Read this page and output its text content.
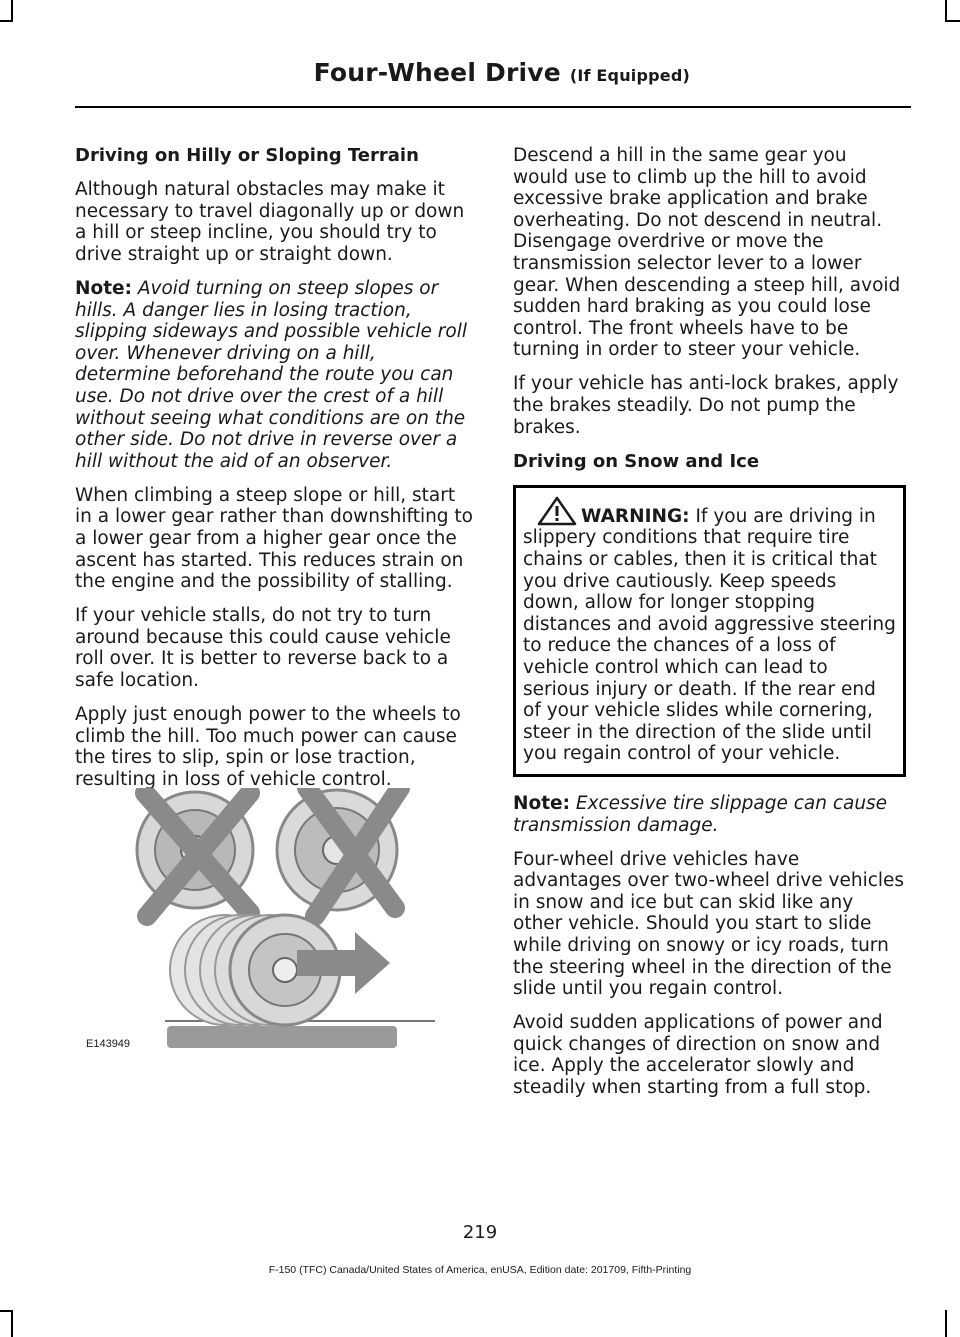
Four-Wheel Drive (If Equipped)

Driving on Hilly or Sloping Terrain

Although natural obstacles may make it necessary to travel diagonally up or down a hill or steep incline, you should try to drive straight up or straight down.

Note: Avoid turning on steep slopes or hills. A danger lies in losing traction, slipping sideways and possible vehicle roll over. Whenever driving on a hill, determine beforehand the route you can use. Do not drive over the crest of a hill without seeing what conditions are on the other side. Do not drive in reverse over a hill without the aid of an observer.

When climbing a steep slope or hill, start in a lower gear rather than downshifting to a lower gear from a higher gear once the ascent has started. This reduces strain on the engine and the possibility of stalling.

If your vehicle stalls, do not try to turn around because this could cause vehicle roll over. It is better to reverse back to a safe location.

Apply just enough power to the wheels to climb the hill. Too much power can cause the tires to slip, spin or lose traction, resulting in loss of vehicle control.

E143949

Descend a hill in the same gear you would use to climb up the hill to avoid excessive brake application and brake overheating. Do not descend in neutral. Disengage overdrive or move the transmission selector lever to a lower gear. When descending a steep hill, avoid sudden hard braking as you could lose control. The front wheels have to be turning in order to steer your vehicle.

If your vehicle has anti-lock brakes, apply the brakes steadily. Do not pump the brakes.

Driving on Snow and Ice

WARNING: If you are driving in slippery conditions that require tire chains or cables, then it is critical that you drive cautiously. Keep speeds down, allow for longer stopping distances and avoid aggressive steering to reduce the chances of a loss of vehicle control which can lead to serious injury or death. If the rear end of your vehicle slides while cornering, steer in the direction of the slide until you regain control of your vehicle.

Note: Excessive tire slippage can cause transmission damage.

Four-wheel drive vehicles have advantages over two-wheel drive vehicles in snow and ice but can skid like any other vehicle. Should you start to slide while driving on snowy or icy roads, turn the steering wheel in the direction of the slide until you regain control.

Avoid sudden applications of power and quick changes of direction on snow and ice. Apply the accelerator slowly and steadily when starting from a full stop.

219
F-150 (TFC) Canada/United States of America, enUSA, Edition date: 201709, Fifth-Printing
